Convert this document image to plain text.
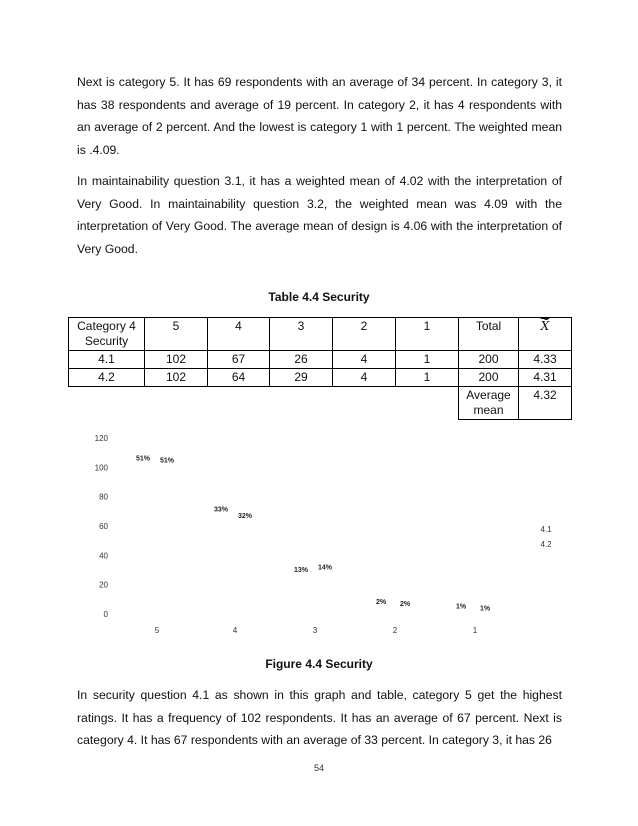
Next is category 5. It has 69 respondents with an average of 34 percent. In category 3, it has 38 respondents and average of 19 percent. In category 2, it has 4 respondents with an average of 2 percent. And the lowest is category 1 with 1 percent. The weighted mean is .4.09.

In maintainability question 3.1, it has a weighted mean of 4.02 with the interpretation of Very Good. In maintainability question 3.2, the weighted mean was 4.09 with the interpretation of Very Good. The average mean of design is 4.06 with the interpretation of Very Good.

Table 4.4 Security
Category 4 Security	5	4	3	2	1	Total	X̄
4.1	102	67	26	4	1	200	4.33
4.2	102	64	29	4	1	200	4.31
						Average mean	4.32
0
20
40
60
80
100
120
5	4	3	2	1
51%
33%
13%
2%
1%
51%
32%
14%
2%
1%
4.1
4.2
Figure 4.4 Security

In security question 4.1 as shown in this graph and table, category 5 get the highest ratings. It has a frequency of 102 respondents. It has an average of 67 percent. Next is category 4. It has 67 respondents with an average of 33 percent. In category 3, it has 26

54
